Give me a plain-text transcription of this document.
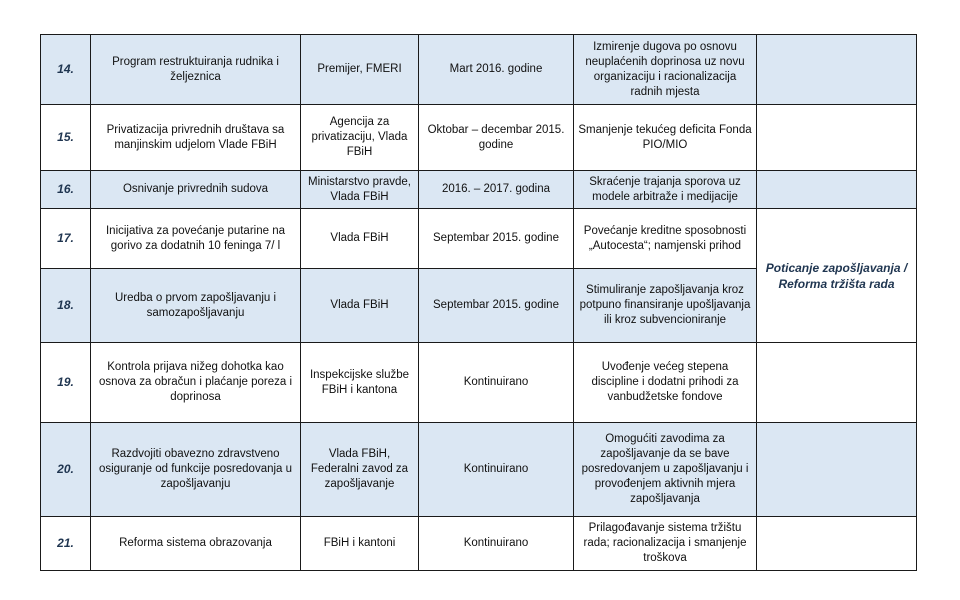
14.	Program restruktuiranja rudnika i željeznica	Premijer, FMERI	Mart 2016. godine	Izmirenje dugova po osnovu neuplaćenih doprinosa uz novu organizaciju i racionalizacija radnih mjesta	
15.	Privatizacija privrednih društava sa manjinskim udjelom Vlade FBiH	Agencija za privatizaciju, Vlada FBiH	Oktobar – decembar 2015. godine	Smanjenje tekućeg deficita Fonda PIO/MIO	
16.	Osnivanje privrednih sudova	Ministarstvo pravde, Vlada FBiH	2016. – 2017. godina	Skraćenje trajanja sporova uz modele arbitraže i medijacije	
17.	Inicijativa za povećanje putarine na gorivo za dodatnih 10 feninga 7/ l	Vlada FBiH	Septembar 2015. godine	Povećanje kreditne sposobnosti „Autocesta“; namjenski prihod	Poticanje zapošljavanja / Reforma tržišta rada
18.	Uredba o prvom zapošljavanju i samozapošljavanju	Vlada FBiH	Septembar 2015. godine	Stimuliranje zapošljavanja kroz potpuno finansiranje upošljavanja ili kroz subvencioniranje	
19.	Kontrola prijava nižeg dohotka kao osnova za obračun i plaćanje poreza i doprinosa	Inspekcijske službe FBiH i kantona	Kontinuirano	Uvođenje većeg stepena discipline i dodatni prihodi za vanbudžetske fondove	
20.	Razdvojiti obavezno zdravstveno osiguranje od funkcije posredovanja u zapošljavanju	Vlada FBiH, Federalni zavod za zapošljavanje	Kontinuirano	Omogućiti zavodima za zapošljavanje da se bave posredovanjem u zapošljavanju i provođenjem aktivnih mjera zapošljavanja	
21.	Reforma sistema obrazovanja	FBiH i kantoni	Kontinuirano	Prilagođavanje sistema tržištu rada; racionalizacija i smanjenje troškova	
